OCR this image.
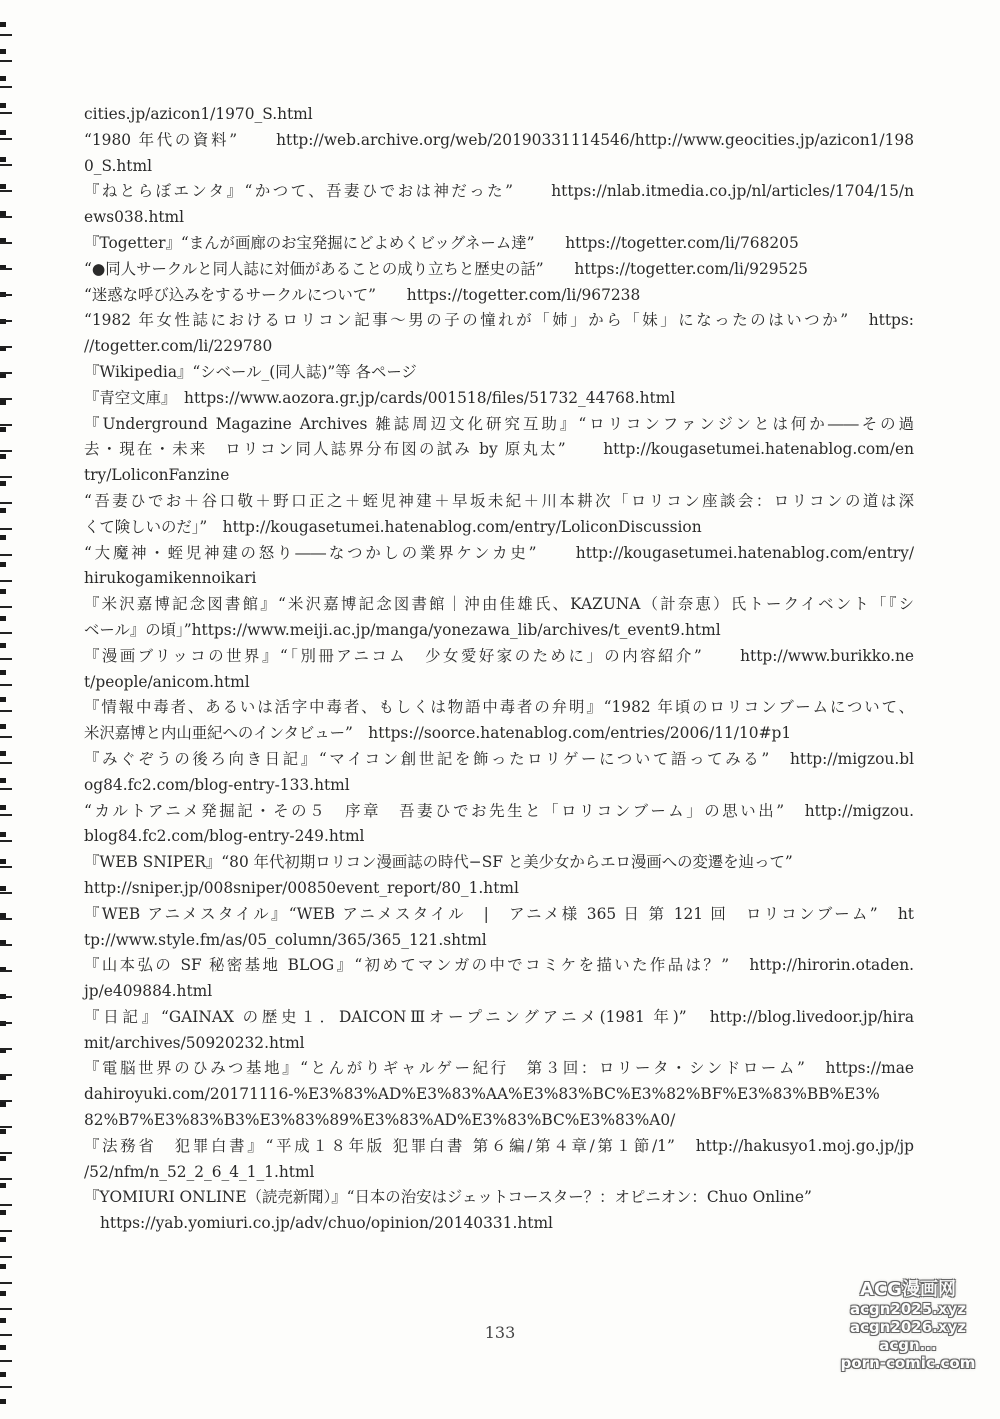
cities.jp/azicon1/1970_S.html
“1980 年代の資料”　　http://web.archive.org/web/20190331114546/http://www.geocities.jp/azicon1/198
0_S.html
『ねとらぼエンタ』“かつて、吾妻ひでおは神だった”　　https://nlab.itmedia.co.jp/nl/articles/1704/15/n
ews038.html
『Togetter』“まんが画廊のお宝発掘にどよめくビッグネーム達”　　https://togetter.com/li/768205
“●同人サークルと同人誌に対価があることの成り立ちと歴史の話”　　https://togetter.com/li/929525
“迷惑な呼び込みをするサークルについて”　　https://togetter.com/li/967238
“1982 年女性誌におけるロリコン記事～男の子の憧れが「姉」から「妹」になったのはいつか”　https:
//togetter.com/li/229780
『Wikipedia』“シベール_(同人誌)”等 各ページ
『青空文庫』　https://www.aozora.gr.jp/cards/001518/files/51732_44768.html
『Underground Magazine Archives 雑誌周辺文化研究互助』“ロリコンファンジンとは何か――その過
去・現在・未来　ロリコン同人誌界分布図の試み by 原丸太”　　http://kougasetumei.hatenablog.com/en
try/LoliconFanzine
“吾妻ひでお＋谷口敬＋野口正之＋蛭児神建＋早坂未紀＋川本耕次「ロリコン座談会：ロリコンの道は深
くて険しいのだ」”　http://kougasetumei.hatenablog.com/entry/LoliconDiscussion
“大魔神・蛭児神建の怒り――なつかしの業界ケンカ史”　　http://kougasetumei.hatenablog.com/entry/
hirukogamikennoikari
『米沢嘉博記念図書館』“米沢嘉博記念図書館｜沖由佳雄氏、KAZUNA（計奈恵）氏トークイベント「『シ
ベール』の頃」”https://www.meiji.ac.jp/manga/yonezawa_lib/archives/t_event9.html
『漫画ブリッコの世界』“「別冊アニコム　少女愛好家のために」の内容紹介”　　http://www.burikko.ne
t/people/anicom.html
『情報中毒者、あるいは活字中毒者、もしくは物語中毒者の弁明』“1982 年頃のロリコンブームについて、
米沢嘉博と内山亜紀へのインタビュー”　https://soorce.hatenablog.com/entries/2006/11/10#p1
『みぐぞうの後ろ向き日記』“マイコン創世記を飾ったロリゲーについて語ってみる”　http://migzou.bl
og84.fc2.com/blog-entry-133.html
“カルトアニメ発掘記・その５　序章　吾妻ひでお先生と「ロリコンブーム」の思い出”　http://migzou.
blog84.fc2.com/blog-entry-249.html
『WEB SNIPER』“80 年代初期ロリコン漫画誌の時代−SF と美少女からエロ漫画への変遷を辿って”
http://sniper.jp/008sniper/00850event_report/80_1.html
『WEB アニメスタイル』“WEB アニメスタイル　|　アニメ様 365 日 第 121 回　ロリコンブーム”　ht
tp://www.style.fm/as/05_column/365/365_121.shtml
『山本弘の SF 秘密基地 BLOG』“初めてマンガの中でコミケを描いた作品は？”　http://hirorin.otaden.
jp/e409884.html
『日記』“GAINAX の歴史１．DAICONⅢオープニングアニメ(1981 年)”　http://blog.livedoor.jp/hira
mit/archives/50920232.html
『電脳世界のひみつ基地』“とんがりギャルゲー紀行　第３回：ロリータ・シンドローム”　https://mae
dahiroyuki.com/20171116-%E3%83%AD%E3%83%AA%E3%83%BC%E3%82%BF%E3%83%BB%E3%
82%B7%E3%83%B3%E3%83%89%E3%83%AD%E3%83%BC%E3%83%A0/
『法務省　犯罪白書』“平成１８年版 犯罪白書 第６編/第４章/第１節/1”　http://hakusyo1.moj.go.jp/jp
/52/nfm/n_52_2_6_4_1_1.html
『YOMIURI ONLINE（読売新聞）』“日本の治安はジェットコースター？：オピニオン：Chuo Online”
https://yab.yomiuri.co.jp/adv/chuo/opinion/20140331.html
133
ACG漫画网
acgn2025.xyz
acgn2026.xyz
acgn...
porn-comic.com
